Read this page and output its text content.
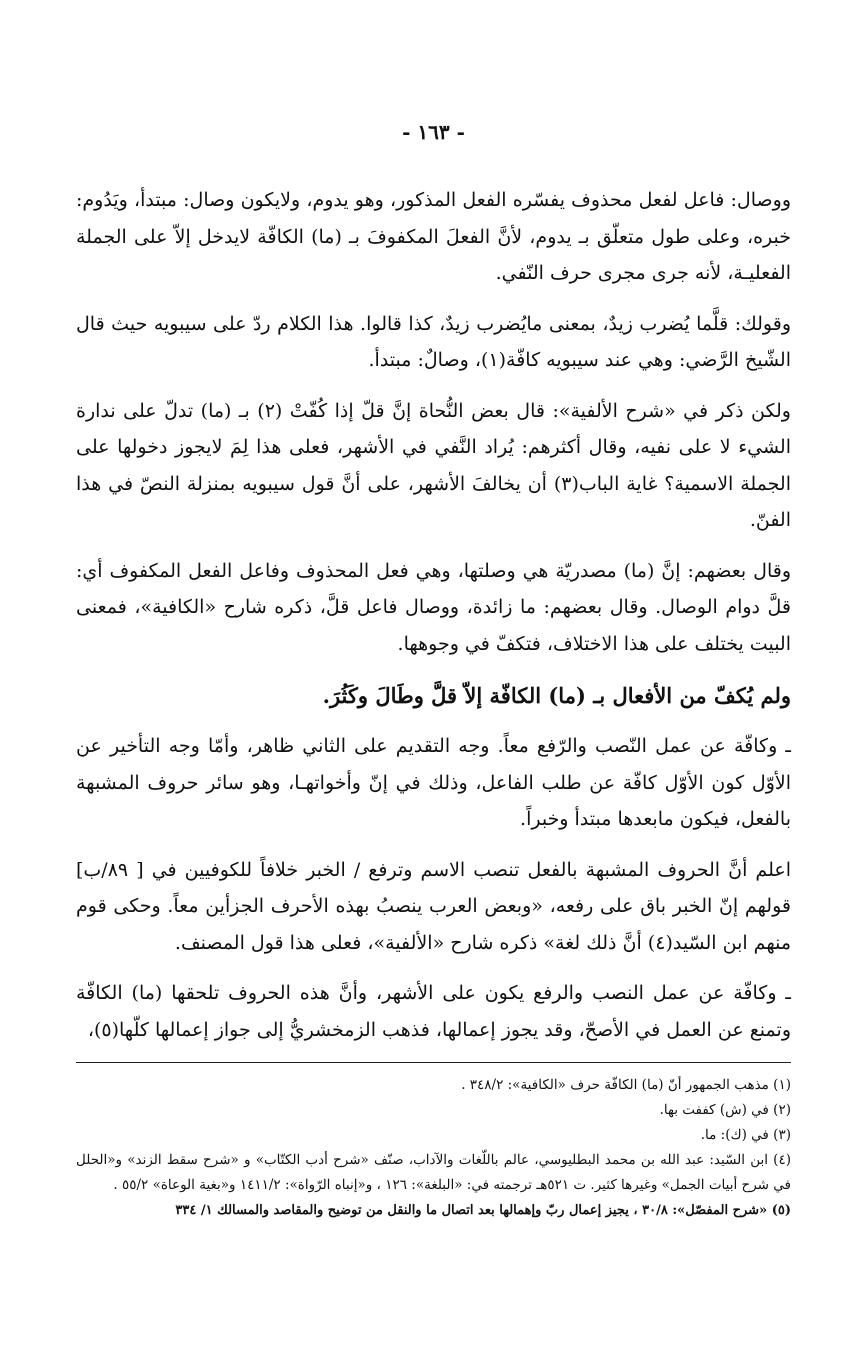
- ١٦٣ -

ووصال: فاعل لفعل محذوف يفسّره الفعل المذكور، وهو يدوم، ولايكون وصال: مبتدأ، ويَدُوم: خبره، وعلى طول متعلّق بـ يدوم، لأنَّ الفعلَ المكفوفَ بـ (ما) الكافّة لايدخل إلاّ على الجملة الفعليـة، لأنه جرى مجرى حرف النّفي.

وقولك: قلَّما يُضرب زيدٌ، بمعنى مايُضرب زيدٌ، كذا قالوا. هذا الكلام ردّ على سيبويه حيث قال الشّيخ الرَّضي: وهي عند سيبويه كافّة(١)، وصالٌ: مبتدأ.

ولكن ذكر في «شرح الألفية»: قال بعض النُّحاة إنَّ قلّ إذا كُفّتْ (٢) بـ (ما) تدلّ على ندارة الشيء لا على نفيه، وقال أكثرهم: يُراد النَّفي في الأشهر، فعلى هذا لِمَ لايجوز دخولها على الجملة الاسمية؟ غاية الباب(٣) أن يخالفَ الأشهر، على أنَّ قول سيبويه بمنزلة النصّ في هذا الفنّ.

وقال بعضهم: إنَّ (ما) مصدريّة هي وصلتها، وهي فعل المحذوف وفاعل الفعل المكفوف أي: قلَّ دوام الوصال. وقال بعضهم: ما زائدة، ووصال فاعل قلَّ، ذكره شارح «الكافية»، فمعنى البيت يختلف على هذا الاختلاف، فتكفّ في وجوهها.

ولم يُكفّ من الأفعال بـ (ما) الكافّة إلاّ قلَّ وطَالَ وكَثُرَ.

ـ وكافّة عن عمل النّصب والرّفع معاً. وجه التقديم على الثاني ظاهر، وأمّا وجه التأخير عن الأوّل كون الأوّل كافّة عن طلب الفاعل، وذلك في إنّ وأخواتهـا، وهو سائر حروف المشبهة بالفعل، فيكون مابعدها مبتدأ وخبراً.

اعلم أنَّ الحروف المشبهة بالفعل تنصب الاسم وترفع / الخبر خلافاً للكوفيين في [ ٨٩/ب] قولهم إنّ الخبر باق على رفعه، «وبعض العرب ينصبُ بهذه الأحرف الجزأين معاً. وحكى قوم منهم ابن السّيد(٤) أنَّ ذلك لغة» ذكره شارح «الألفية»، فعلى هذا قول المصنف.

ـ وكافّة عن عمل النصب والرفع يكون على الأشهر، وأنَّ هذه الحروف تلحقها (ما) الكافّة وتمنع عن العمل في الأصحّ، وقد يجوز إعمالها، فذهب الزمخشريُّ إلى جواز إعمالها كلّها(٥)،

(١) مذهب الجمهور أنّ (ما) الكافّة حرف «الكافية»: ٣٤٨/٢ .
(٢) في (ش) كففت بها.
(٣) في (ك): ما.
(٤) ابن السّيد: عبد الله بن محمد البطليوسي، عالم باللّغات والآداب، صنّف «شرح أدب الكتّاب» و «شرح سقط الزند» و«الحلل في شرح أبيات الجمل» وغيرها كثير. ت ٥٢١هـ ترجمته في: «البلغة»: ١٢٦ ، و«إنباه الرّواة»: ١٤١١/٢ و«بغية الوعاة» ٥٥/٢ .
(٥) «شرح المفصّل»: ٣٠/٨ ، يجيز إعمال ربّ وإهمالها بعد اتصال ما والنقل من توضيح والمقاصد والمسالك ١/ ٣٣٤
